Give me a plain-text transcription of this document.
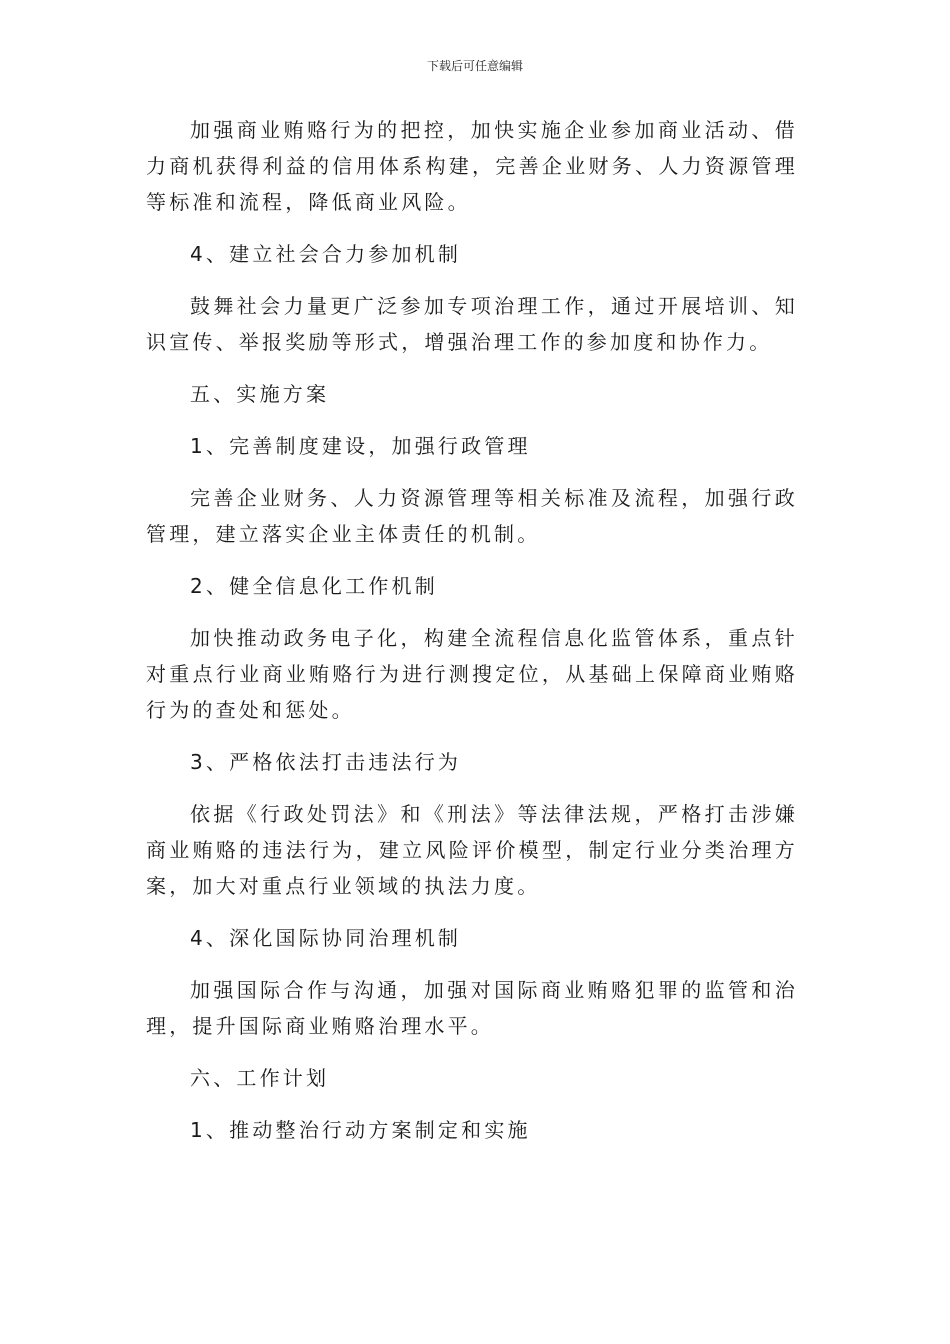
下载后可任意编辑

加强商业贿赂行为的把控，加快实施企业参加商业活动、借力商机获得利益的信用体系构建，完善企业财务、人力资源管理等标准和流程，降低商业风险。

4、建立社会合力参加机制

鼓舞社会力量更广泛参加专项治理工作，通过开展培训、知识宣传、举报奖励等形式，增强治理工作的参加度和协作力。

五、实施方案

1、完善制度建设，加强行政管理

完善企业财务、人力资源管理等相关标准及流程，加强行政管理，建立落实企业主体责任的机制。

2、健全信息化工作机制

加快推动政务电子化，构建全流程信息化监管体系，重点针对重点行业商业贿赂行为进行测搜定位，从基础上保障商业贿赂行为的查处和惩处。

3、严格依法打击违法行为

依据《行政处罚法》和《刑法》等法律法规，严格打击涉嫌商业贿赂的违法行为，建立风险评价模型，制定行业分类治理方案，加大对重点行业领域的执法力度。

4、深化国际协同治理机制

加强国际合作与沟通，加强对国际商业贿赂犯罪的监管和治理，提升国际商业贿赂治理水平。

六、工作计划

1、推动整治行动方案制定和实施
